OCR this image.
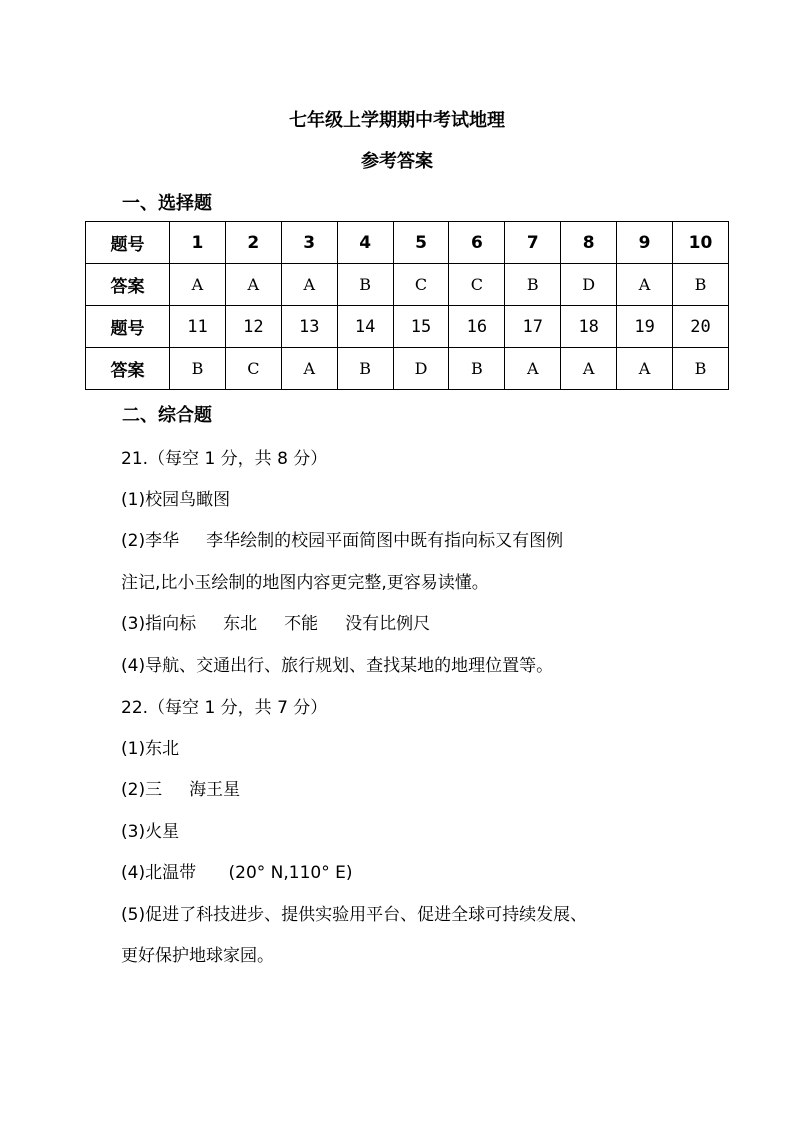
七年级上学期期中考试地理
参考答案
一、选择题
题号	1	2	3	4	5	6	7	8	9	10
答案	A	A	A	B	C	C	B	D	A	B
题号	11	12	13	14	15	16	17	18	19	20
答案	B	C	A	B	D	B	A	A	A	B
二、综合题
21.（每空 1 分，共 8 分）
(1)校园鸟瞰图
(2)李华     李华绘制的校园平面简图中既有指向标又有图例
注记,比小玉绘制的地图内容更完整,更容易读懂。
(3)指向标     东北     不能     没有比例尺
(4)导航、交通出行、旅行规划、查找某地的地理位置等。
22.（每空 1 分，共 7 分）
(1)东北
(2)三     海王星
(3)火星
(4)北温带      (20° N,110° E)
(5)促进了科技进步、提供实验用平台、促进全球可持续发展、
更好保护地球家园。
